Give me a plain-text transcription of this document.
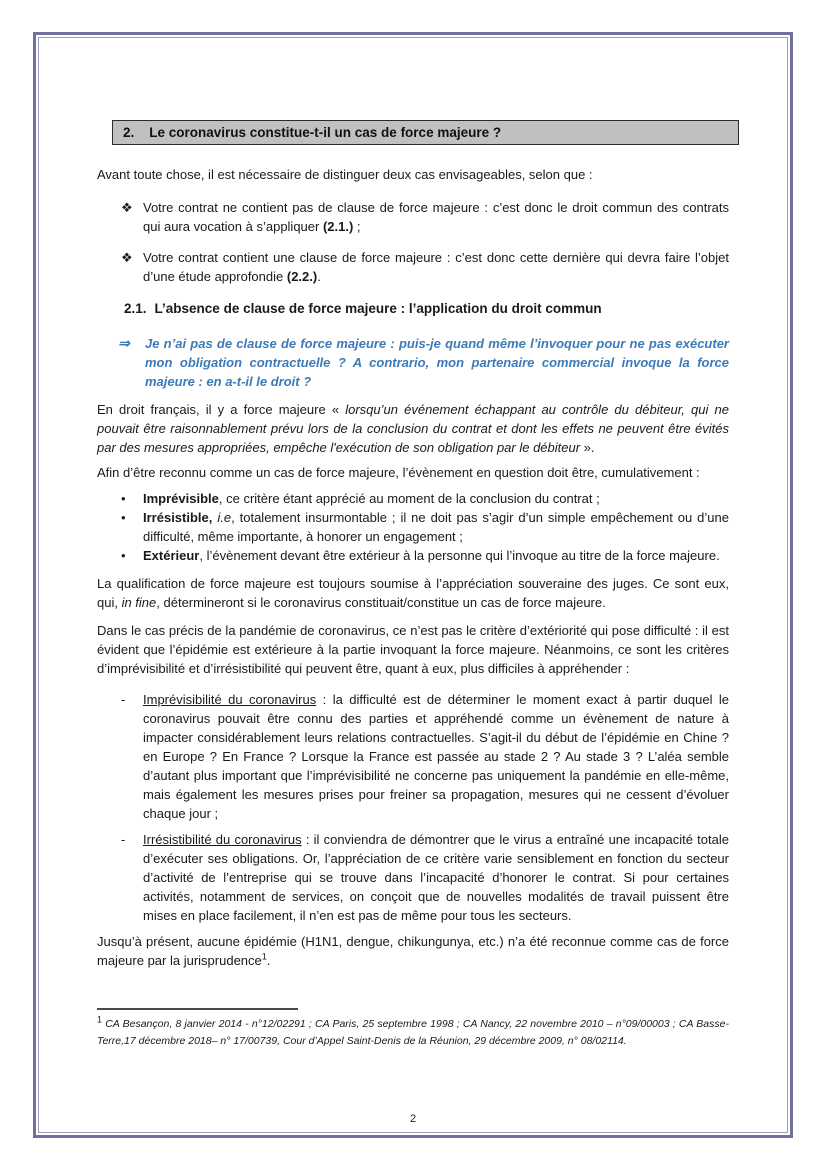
2. Le coronavirus constitue-t-il un cas de force majeure ?

Avant toute chose, il est nécessaire de distinguer deux cas envisageables, selon que :

❖ Votre contrat ne contient pas de clause de force majeure : c’est donc le droit commun des contrats qui aura vocation à s’appliquer (2.1.) ;
❖ Votre contrat contient une clause de force majeure : c’est donc cette dernière qui devra faire l’objet d’une étude approfondie (2.2.).
2.1. L’absence de clause de force majeure : l’application du droit commun
⇒	Je n’ai pas de clause de force majeure : puis-je quand même l’invoquer pour ne pas exécuter mon obligation contractuelle ? A contrario, mon partenaire commercial invoque la force majeure : en a-t-il le droit ?

En droit français, il y a force majeure « lorsqu’un événement échappant au contrôle du débiteur, qui ne pouvait être raisonnablement prévu lors de la conclusion du contrat et dont les effets ne peuvent être évités par des mesures appropriées, empêche l'exécution de son obligation par le débiteur ».

Afin d’être reconnu comme un cas de force majeure, l’évènement en question doit être, cumulativement :

•	Imprévisible, ce critère étant apprécié au moment de la conclusion du contrat ;
•	Irrésistible, i.e, totalement insurmontable ; il ne doit pas s’agir d’un simple empêchement ou d’une difficulté, même importante, à honorer un engagement ;
•	Extérieur, l’évènement devant être extérieur à la personne qui l’invoque au titre de la force majeure.

La qualification de force majeure est toujours soumise à l’appréciation souveraine des juges. Ce sont eux, qui, in fine, détermineront si le coronavirus constituait/constitue un cas de force majeure.

Dans le cas précis de la pandémie de coronavirus, ce n’est pas le critère d’extériorité qui pose difficulté : il est évident que l’épidémie est extérieure à la partie invoquant la force majeure. Néanmoins, ce sont les critères d’imprévisibilité et d’irrésistibilité qui peuvent être, quant à eux, plus difficiles à appréhender :

-	Imprévisibilité du coronavirus : la difficulté est de déterminer le moment exact à partir duquel le coronavirus pouvait être connu des parties et appréhendé comme un évènement de nature à impacter considérablement leurs relations contractuelles. S’agit-il du début de l’épidémie en Chine ? en Europe ? En France ? Lorsque la France est passée au stade 2 ? Au stade 3 ? L’aléa semble d’autant plus important que l’imprévisibilité ne concerne pas uniquement la pandémie en elle-même, mais également les mesures prises pour freiner sa propagation, mesures qui ne cessent d’évoluer chaque jour ;
-	Irrésistibilité du coronavirus : il conviendra de démontrer que le virus a entraîné une incapacité totale d’exécuter ses obligations. Or, l’appréciation de ce critère varie sensiblement en fonction du secteur d’activité de l’entreprise qui se trouve dans l’incapacité d’honorer le contrat. Si pour certaines activités, notamment de services, on conçoit que de nouvelles modalités de travail puissent être mises en place facilement, il n’en est pas de même pour tous les secteurs.

Jusqu’à présent, aucune épidémie (H1N1, dengue, chikungunya, etc.) n’a été reconnue comme cas de force majeure par la jurisprudence$^1$.

$^1$ CA Besançon, 8 janvier 2014 - n°12/02291 ; CA Paris, 25 septembre 1998 ; CA Nancy, 22 novembre 2010 – n°09/00003 ; CA Basse-Terre,17 décembre 2018– n° 17/00739, Cour d’Appel Saint-Denis de la Réunion, 29 décembre 2009, n° 08/02114.

2
